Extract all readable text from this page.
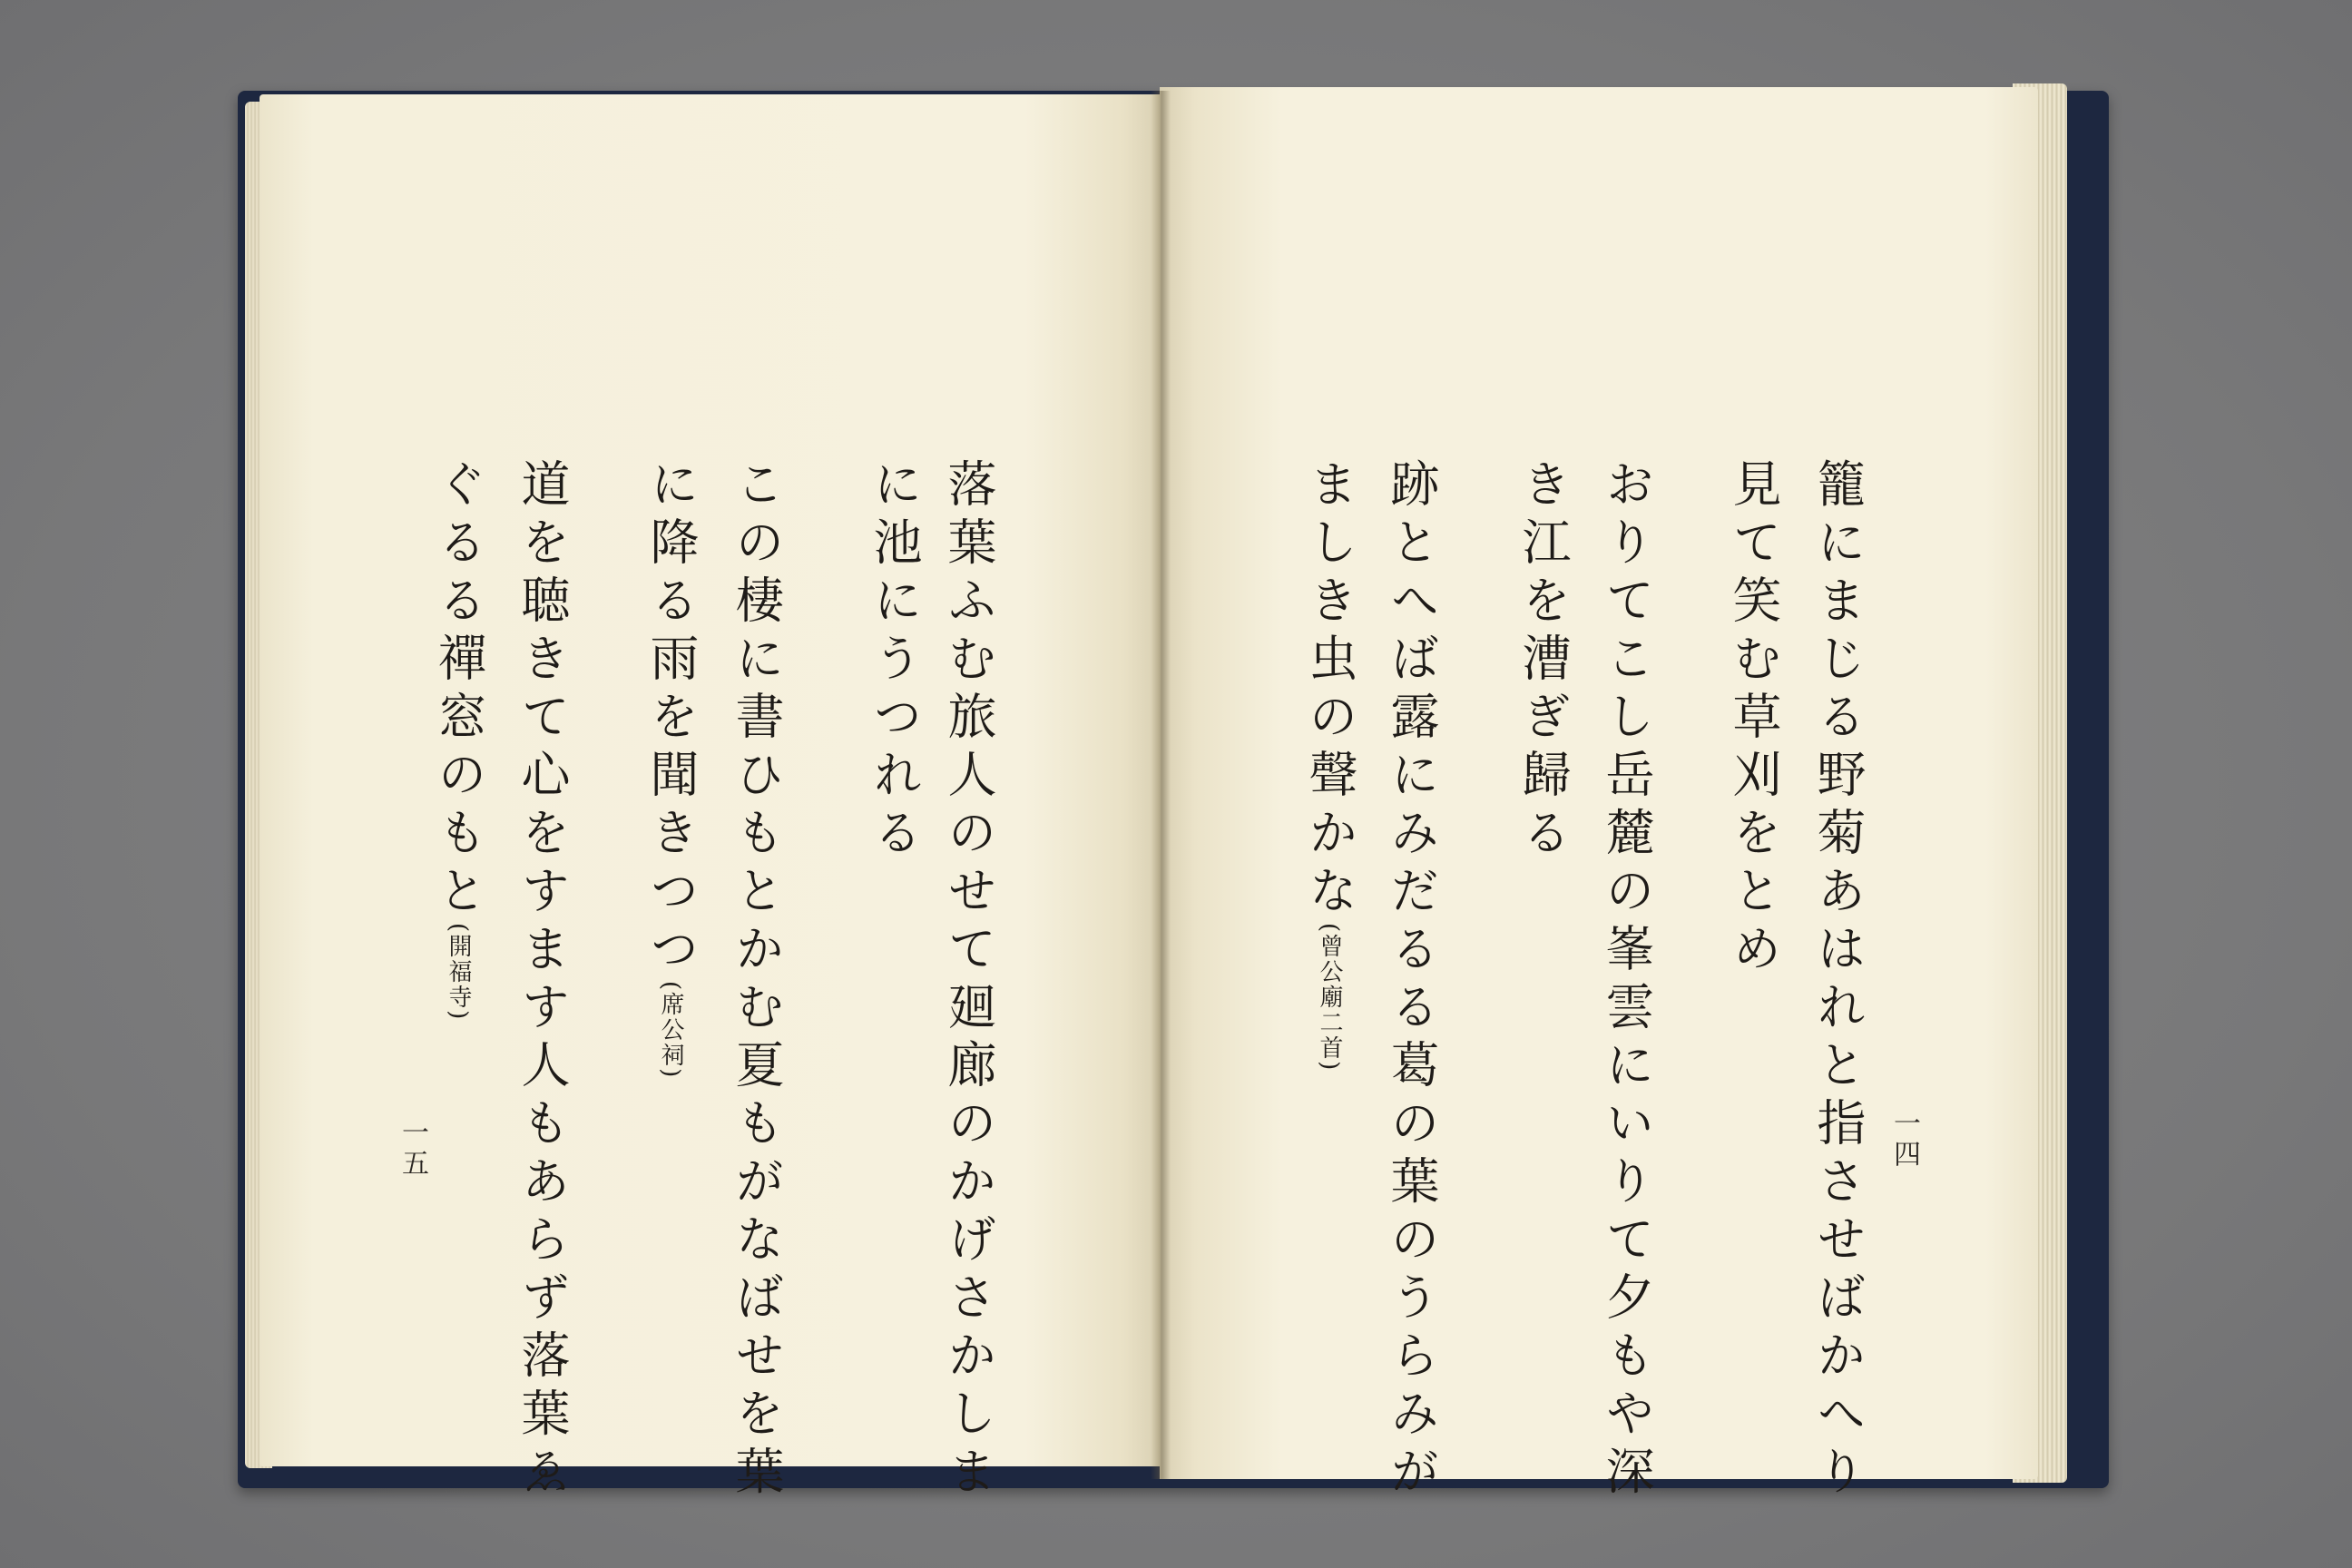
落葉ふむ旅人のせて廻廊のかげさかしま
に池にうつれる
この棲に書ひもとかむ夏もがなばせを葉
に降る雨を聞きつつ(席公祠)
道を聴きて心をすます人もあらず落葉ゑ
ぐるる禪窓のもと(開福寺)
一五	籠にまじる野菊あはれと指させばかへり
見て笑む草刈をとめ
おりてこし岳麓の峯雲にいりて夕もや深
き江を漕ぎ歸る
跡とへば露にみだるる葛の葉のうらみが
ましき虫の聲かな(曾公廟二首)
一四
